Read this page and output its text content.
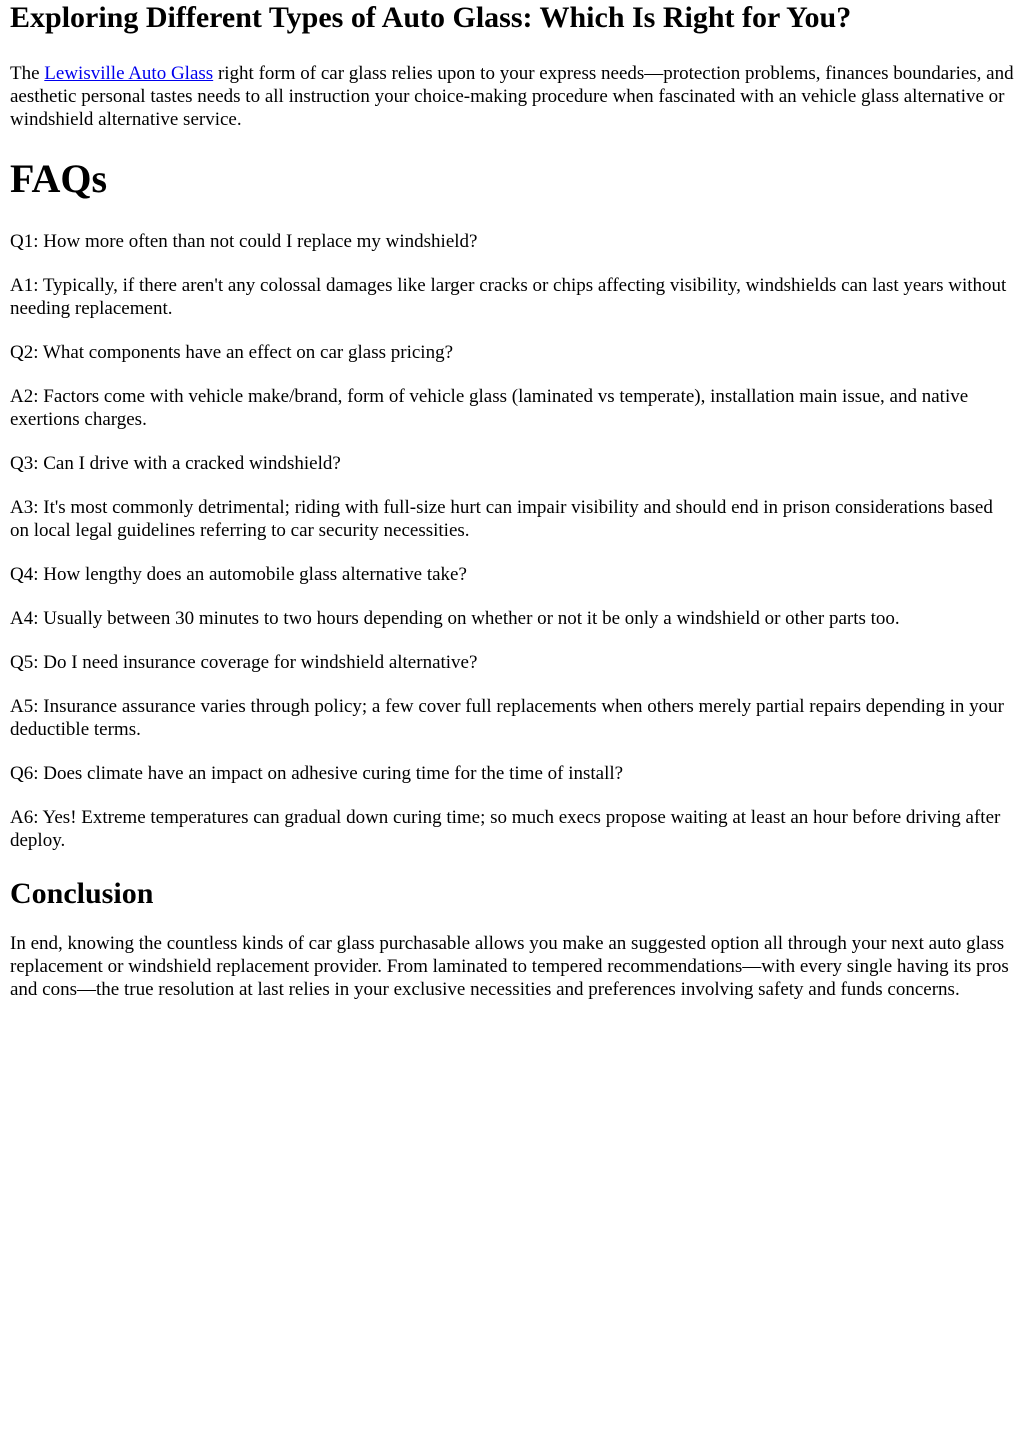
Exploring Different Types of Auto Glass: Which Is Right for You?

The Lewisville Auto Glass right form of car glass relies upon to your express needs—protection problems, finances boundaries, and aesthetic personal tastes needs to all instruction your choice-making procedure when fascinated with an vehicle glass alternative or windshield alternative service.

FAQs

Q1: How more often than not could I replace my windshield?

A1: Typically, if there aren't any colossal damages like larger cracks or chips affecting visibility, windshields can last years without needing replacement.

Q2: What components have an effect on car glass pricing?

A2: Factors come with vehicle make/brand, form of vehicle glass (laminated vs temperate), installation main issue, and native exertions charges.

Q3: Can I drive with a cracked windshield?

A3: It's most commonly detrimental; riding with full-size hurt can impair visibility and should end in prison considerations based on local legal guidelines referring to car security necessities.

Q4: How lengthy does an automobile glass alternative take?

A4: Usually between 30 minutes to two hours depending on whether or not it be only a windshield or other parts too.

Q5: Do I need insurance coverage for windshield alternative?

A5: Insurance assurance varies through policy; a few cover full replacements when others merely partial repairs depending in your deductible terms.

Q6: Does climate have an impact on adhesive curing time for the time of install?

A6: Yes! Extreme temperatures can gradual down curing time; so much execs propose waiting at least an hour before driving after deploy.

Conclusion

In end, knowing the countless kinds of car glass purchasable allows you make an suggested option all through your next auto glass replacement or windshield replacement provider. From laminated to tempered recommendations—with every single having its pros and cons—the true resolution at last relies in your exclusive necessities and preferences involving safety and funds concerns.
